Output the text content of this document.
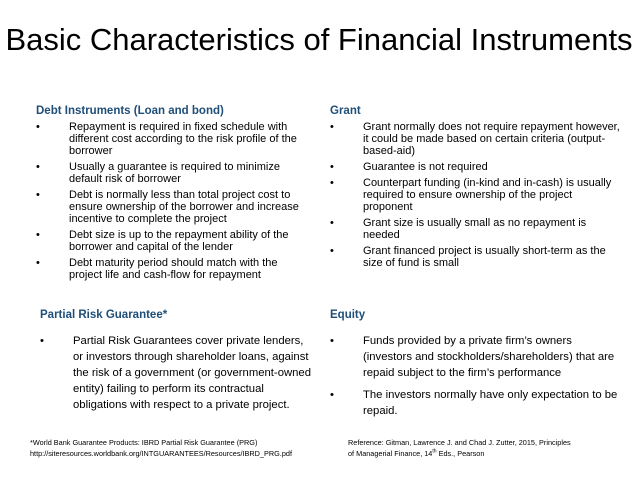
Basic Characteristics of Financial Instruments
Debt Instruments (Loan and bond)
•	Repayment is required in fixed schedule with different cost according to the risk profile of the borrower
•	Usually a guarantee is required to minimize default risk of borrower
•	Debt is normally less than total project cost to ensure ownership of the borrower and increase incentive to complete the project
•	Debt size is up to the repayment ability of the borrower and capital of the lender
•	Debt maturity period should match with the project life and cash-flow for repayment
Grant
•	Grant normally does not require repayment however, it could be made based on certain criteria (output-based-aid)
•	Guarantee is not required
•	Counterpart funding (in-kind and in-cash) is usually required to ensure ownership of the project proponent
•	Grant size is usually small as no repayment is needed
•	Grant financed project is usually short-term as the size of fund is small
Partial Risk Guarantee*
•	Partial Risk Guarantees cover private lenders, or investors through shareholder loans, against the risk of a government (or government-owned entity) failing to perform its contractual obligations with respect to a private project.
Equity
•	Funds provided by a private firm’s owners (investors and stockholders/shareholders) that are repaid subject to the firm’s performance
•	The investors normally have only expectation to be repaid.
*World Bank Guarantee Products: IBRD Partial Risk Guarantee (PRG)
http://siteresources.worldbank.org/INTGUARANTEES/Resources/IBRD_PRG.pdf
Reference: Gitman, Lawrence J. and Chad J. Zutter, 2015, Principles
of Managerial Finance, 14th Eds., Pearson
